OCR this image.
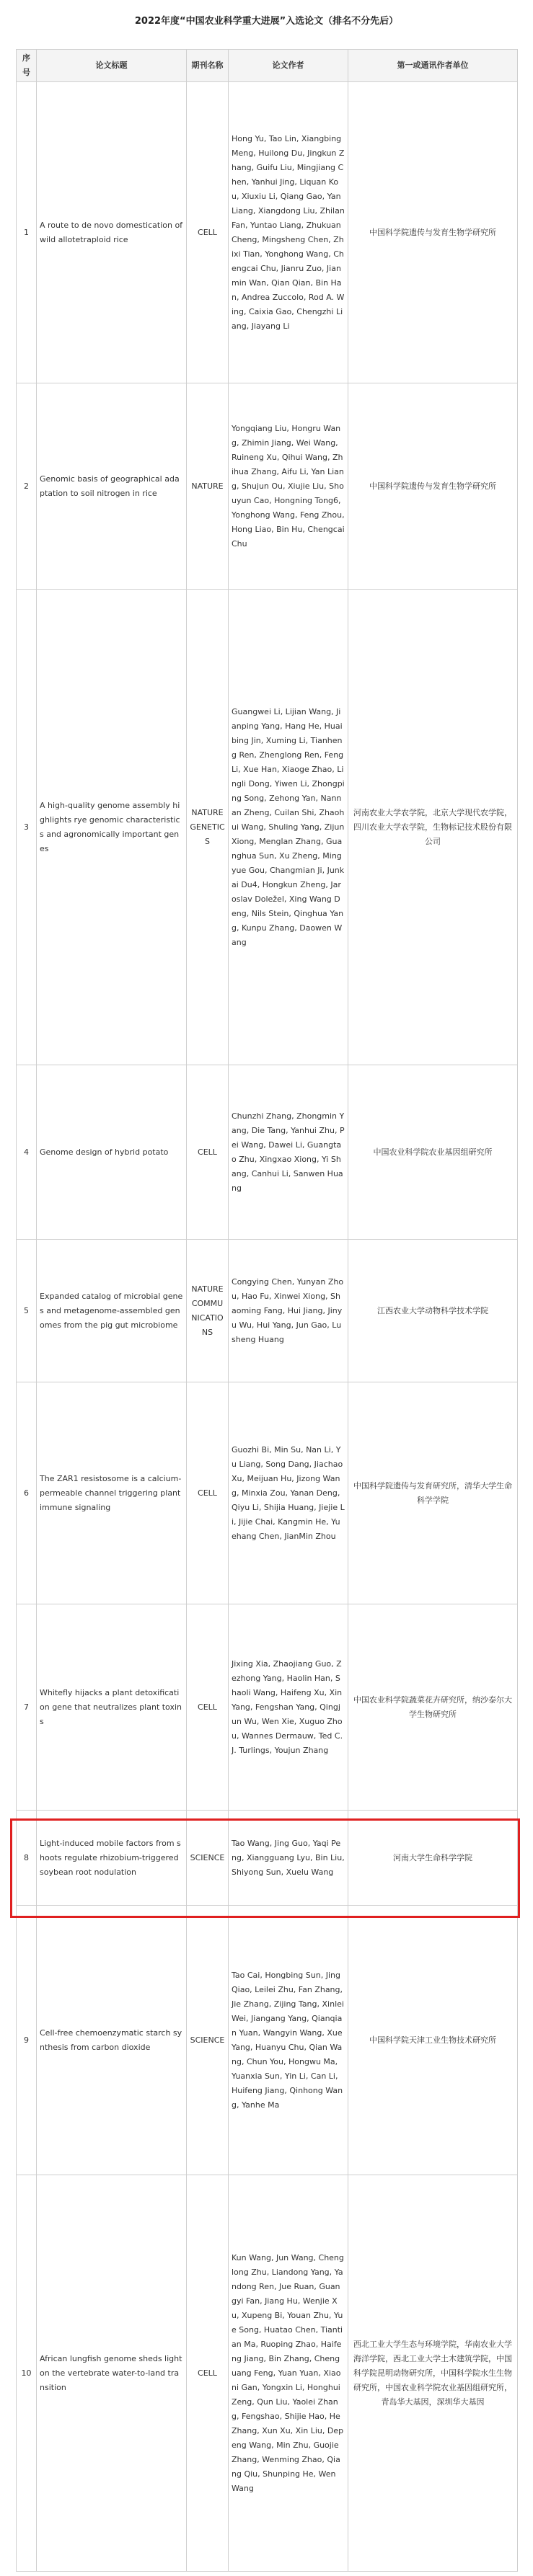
2022年度“中国农业科学重大进展”入选论文（排名不分先后）
序号	论文标题	期刊名称	论文作者	第一或通讯作者单位
1	A route to de novo domestication of wild allotetraploid rice	CELL	Hong Yu, Tao Lin, Xiangbing Meng, Huilong Du, Jingkun Zhang, Guifu Liu, Mingjiang Chen, Yanhui Jing, Liquan Kou, Xiuxiu Li, Qiang Gao, Yan Liang, Xiangdong Liu, Zhilan Fan, Yuntao Liang, Zhukuan Cheng, Mingsheng Chen, Zhixi Tian, Yonghong Wang, Chengcai Chu, Jianru Zuo, Jianmin Wan, Qian Qian, Bin Han, Andrea Zuccolo, Rod A. Wing, Caixia Gao, Chengzhi Liang, Jiayang Li	中国科学院遗传与发育生物学研究所
2	Genomic basis of geographical adaptation to soil nitrogen in rice	NATURE	Yongqiang Liu, Hongru Wang, Zhimin Jiang, Wei Wang, Ruineng Xu, Qihui Wang, Zhihua Zhang, Aifu Li, Yan Liang, Shujun Ou, Xiujie Liu, Shouyun Cao, Hongning Tong6, Yonghong Wang, Feng Zhou, Hong Liao, Bin Hu, Chengcai Chu	中国科学院遗传与发育生物学研究所
3	A high-quality genome assembly highlights rye genomic characteristics and agronomically important genes	NATURE GENETICS	Guangwei Li, Lijian Wang, Jianping Yang, Hang He, Huaibing Jin, Xuming Li, Tianheng Ren, Zhenglong Ren, Feng Li, Xue Han, Xiaoge Zhao, Lingli Dong, Yiwen Li, Zhongping Song, Zehong Yan, Nannan Zheng, Cuilan Shi, Zhaohui Wang, Shuling Yang, Zijun Xiong, Menglan Zhang, Guanghua Sun, Xu Zheng, Mingyue Gou, Changmian Ji, Junkai Du4, Hongkun Zheng, Jaroslav Doležel, Xing Wang Deng, Nils Stein, Qinghua Yang, Kunpu Zhang, Daowen Wang	河南农业大学农学院，北京大学现代农学院，四川农业大学农学院，生物标记技术股份有限公司
4	Genome design of hybrid potato	CELL	Chunzhi Zhang, Zhongmin Yang, Die Tang, Yanhui Zhu, Pei Wang, Dawei Li, Guangtao Zhu, Xingxao Xiong, Yi Shang, Canhui Li, Sanwen Huang	中国农业科学院农业基因组研究所
5	Expanded catalog of microbial genes and metagenome-assembled genomes from the pig gut microbiome	NATURE COMMUNICATIONS	Congying Chen, Yunyan Zhou, Hao Fu, Xinwei Xiong, Shaoming Fang, Hui Jiang, Jinyu Wu, Hui Yang, Jun Gao, Lusheng Huang	江西农业大学动物科学技术学院
6	The ZAR1 resistosome is a calcium-permeable channel triggering plant immune signaling	CELL	Guozhi Bi, Min Su, Nan Li, Yu Liang, Song Dang, Jiachao Xu, Meijuan Hu, Jizong Wang, Minxia Zou, Yanan Deng, Qiyu Li, Shijia Huang, Jiejie Li, Jijie Chai, Kangmin He, Yuehang Chen, JianMin Zhou	中国科学院遗传与发育研究所，清华大学生命科学学院
7	Whitefly hijacks a plant detoxification gene that neutralizes plant toxins	CELL	Jixing Xia, Zhaojiang Guo, Zezhong Yang, Haolin Han, Shaoli Wang, Haifeng Xu, Xin Yang, Fengshan Yang, Qingjun Wu, Wen Xie, Xuguo Zhou, Wannes Dermauw, Ted C.J. Turlings, Youjun Zhang	中国农业科学院蔬菜花卉研究所，纳沙泰尔大学生物研究所
8	Light-induced mobile factors from shoots regulate rhizobium-triggered soybean root nodulation	SCIENCE	Tao Wang, Jing Guo, Yaqi Peng, Xiangguang Lyu, Bin Liu, Shiyong Sun, Xuelu Wang	河南大学生命科学学院
9	Cell-free chemoenzymatic starch synthesis from carbon dioxide	SCIENCE	Tao Cai, Hongbing Sun, Jing Qiao, Leilei Zhu, Fan Zhang, Jie Zhang, Zijing Tang, Xinlei Wei, Jiangang Yang, Qianqian Yuan, Wangyin Wang, Xue Yang, Huanyu Chu, Qian Wang, Chun You, Hongwu Ma, Yuanxia Sun, Yin Li, Can Li, Huifeng Jiang, Qinhong Wang, Yanhe Ma	中国科学院天津工业生物技术研究所
10	African lungfish genome sheds light on the vertebrate water-to-land transition	CELL	Kun Wang, Jun Wang, Chenglong Zhu, Liandong Yang, Yandong Ren, Jue Ruan, Guangyi Fan, Jiang Hu, Wenjie Xu, Xupeng Bi, Youan Zhu, Yue Song, Huatao Chen, Tiantian Ma, Ruoping Zhao, Haifeng Jiang, Bin Zhang, Chenguang Feng, Yuan Yuan, Xiaoni Gan, Yongxin Li, Honghui Zeng, Qun Liu, Yaolei Zhang, Fengshao, Shijie Hao, He Zhang, Xun Xu, Xin Liu, Depeng Wang, Min Zhu, Guojie Zhang, Wenming Zhao, Qiang Qiu, Shunping He, Wen Wang	西北工业大学生态与环境学院，华南农业大学海洋学院，西北工业大学土木建筑学院，中国科学院昆明动物研究所，中国科学院水生生物研究所，中国农业科学院农业基因组研究所，青岛华大基因，深圳华大基因
